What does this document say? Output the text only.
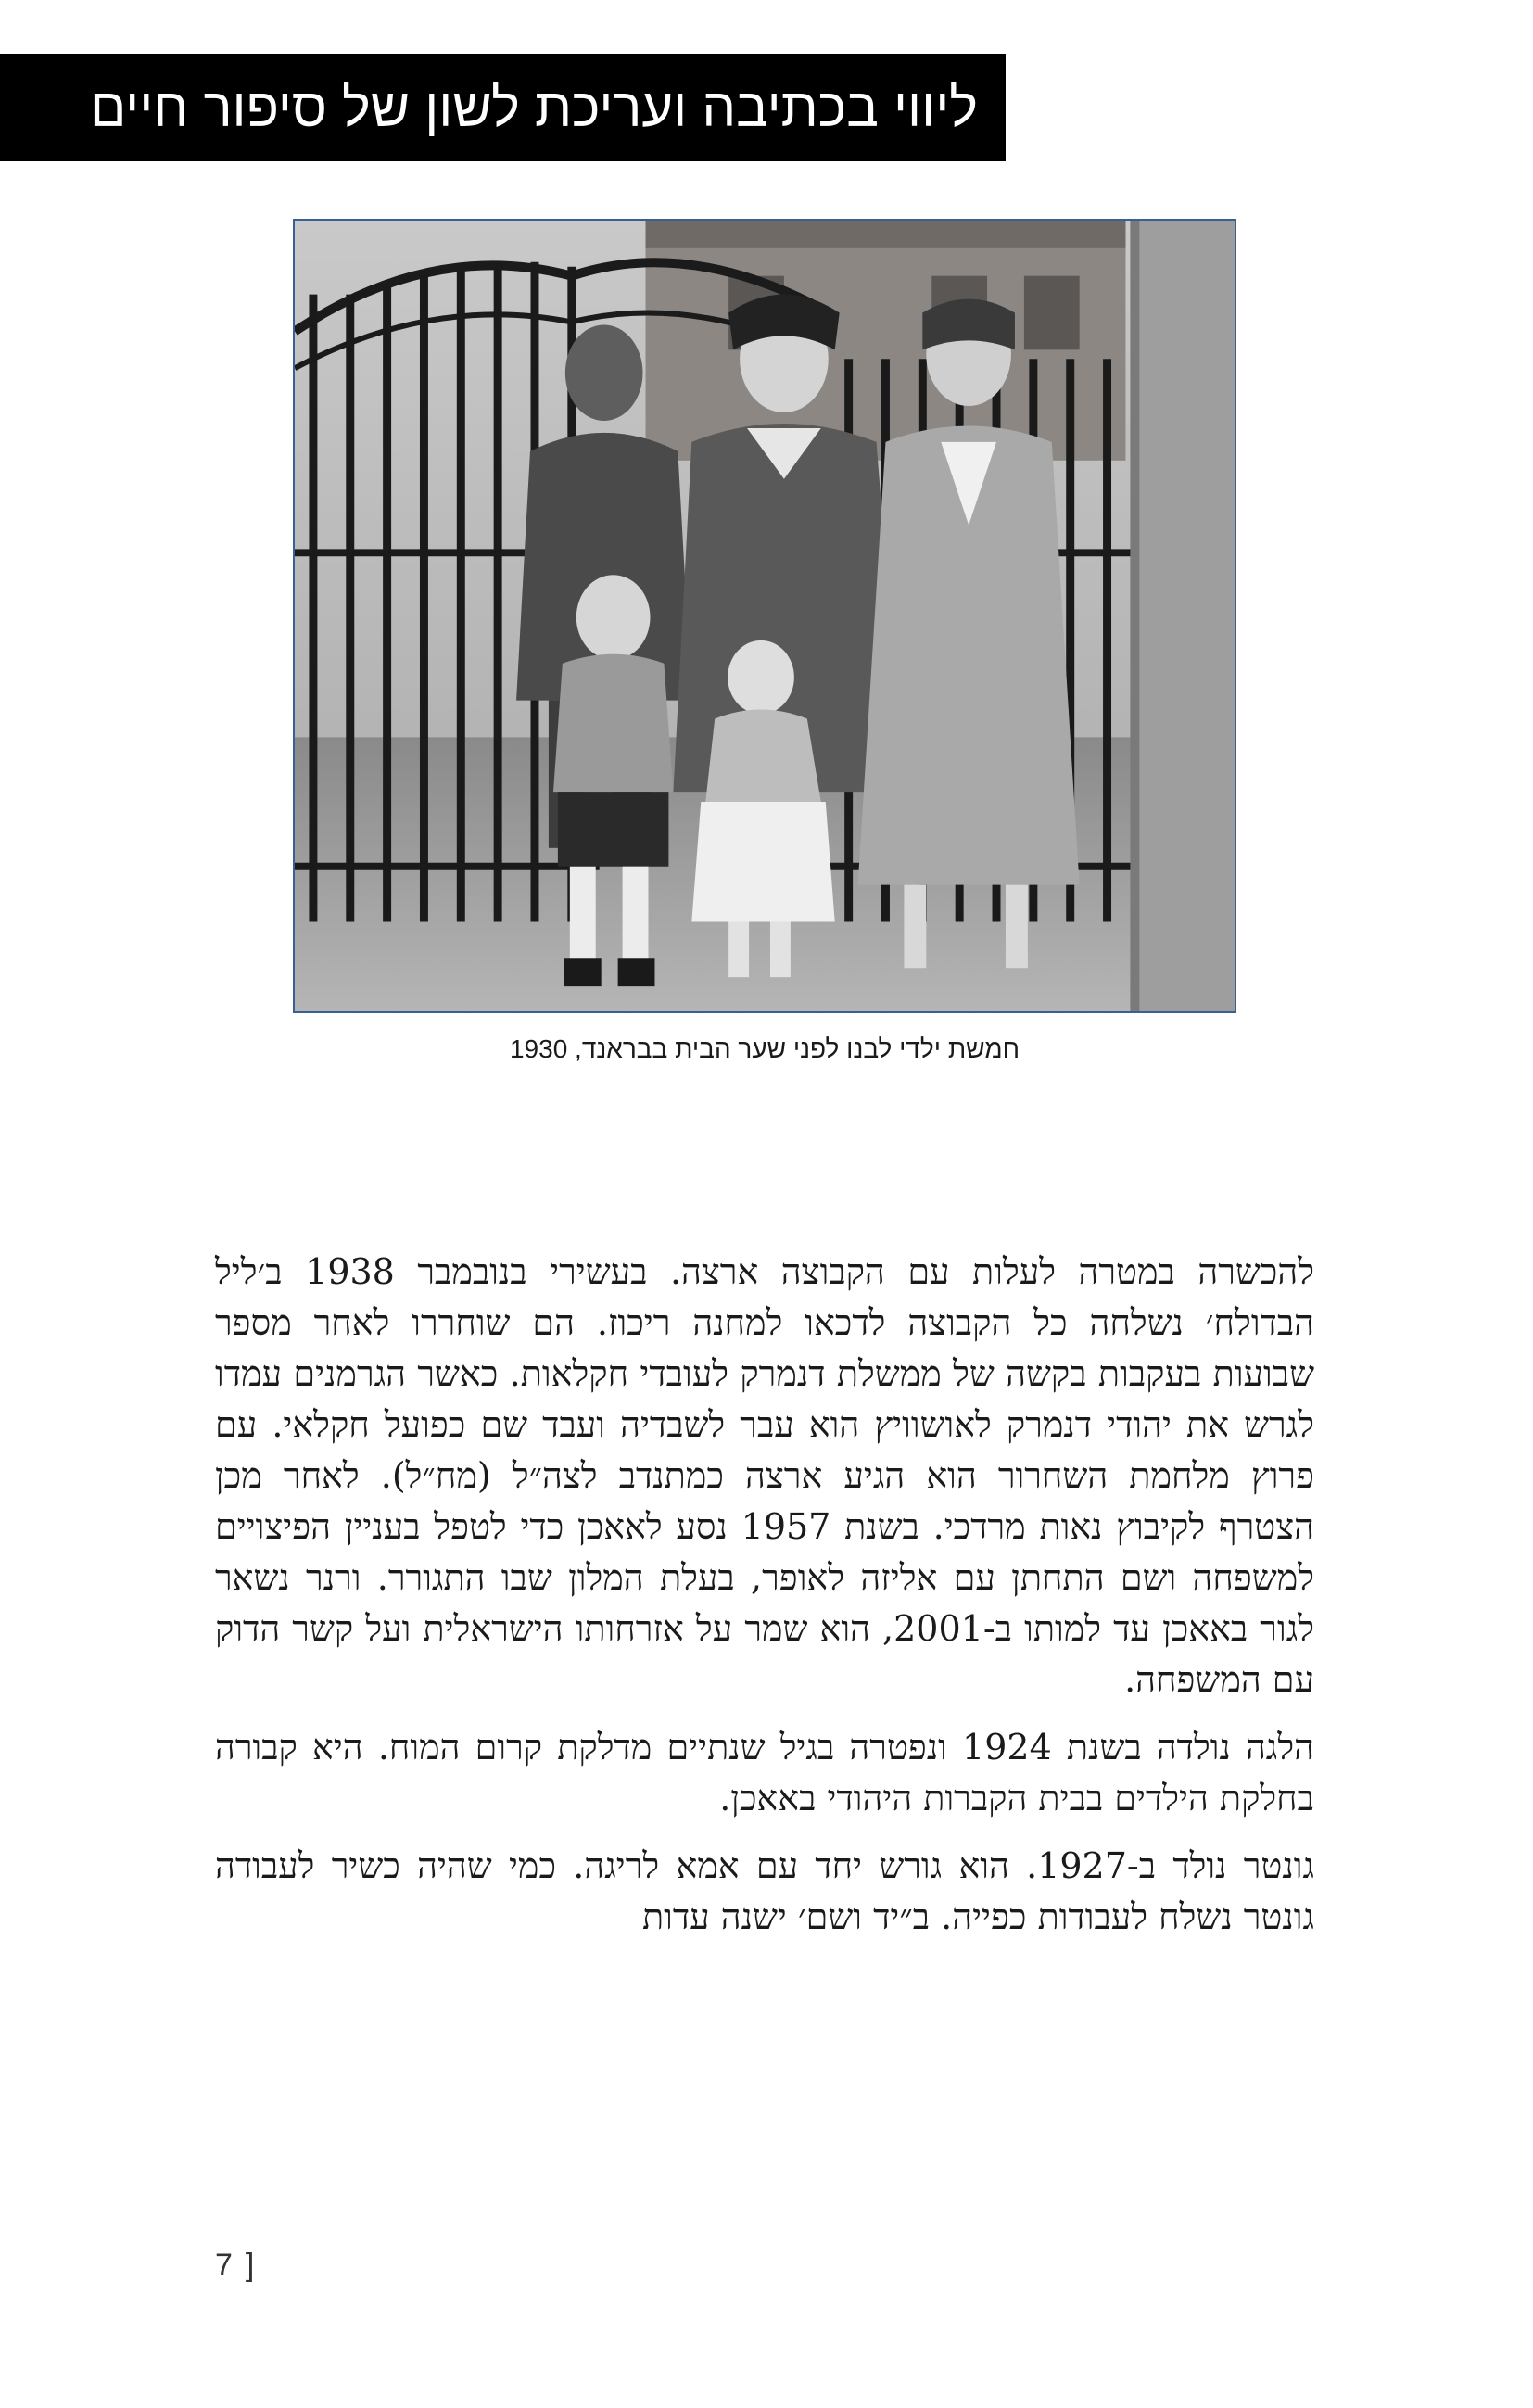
ליווי בכתיבה ועריכת לשון של סיפור חיים
חמשת ילדי לבנו לפני שער הבית בבראנד, 1930

להכשרה במטרה לעלות עם הקבוצה ארצה. בעשירי בנובמבר 1938 ב׳ליל הבדולח׳ נשלחה כל הקבוצה לדכאו למחנה ריכוז. הם שוחררו לאחר מספר שבועות בעקבות בקשה של ממשלת דנמרק לעובדי חקלאות. כאשר הגרמנים עמדו לגרש את יהודי דנמרק לאושוויץ הוא עבר לשבדיה ועבד שם כפועל חקלאי. עם פרוץ מלחמת השחרור הוא הגיע ארצה כמתנדב לצה״ל (מח״ל). לאחר מכן הצטרף לקיבוץ נאות מרדכי. בשנת 1957 נסע לאאכן כדי לטפל בעניין הפיצויים למשפחה ושם התחתן עם אליזה לאופר, בעלת המלון שבו התגורר. ורנר נשאר לגור באאכן עד למותו ב-2001, הוא שמר על אזרחותו הישראלית ועל קשר הדוק עם המשפחה.

הלגה נולדה בשנת 1924 ונפטרה בגיל שנתיים מדלקת קרום המוח. היא קבורה בחלקת הילדים בבית הקברות היהודי באאכן.

גונטר נולד ב-1927. הוא גורש יחד עם אמא לריגה. כמי שהיה כשיר לעבודה גונטר נשלח לעבודות כפייה. ב״יד ושם׳ ישנה עדות

7 ]
